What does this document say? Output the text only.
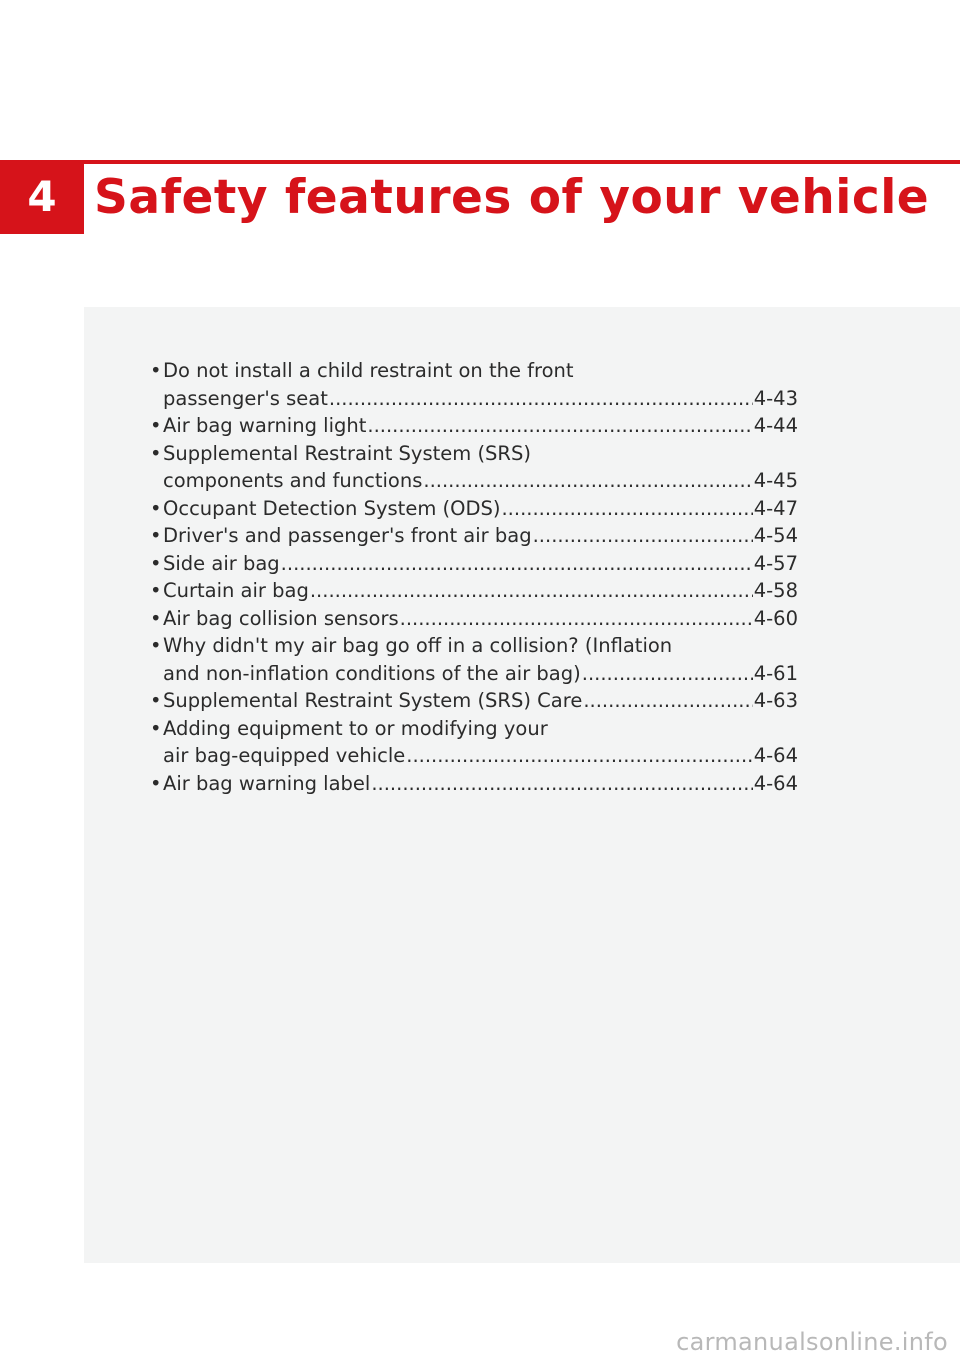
4 Safety features of your vehicle
• Do not install a child restraint on the front
passenger's seat .....	4-43
• Air bag warning light .....	4-44
• Supplemental Restraint System (SRS)
components and functions .....	4-45
• Occupant Detection System (ODS) .....	4-47
• Driver's and passenger's front air bag .....	4-54
• Side air bag .....	4-57
• Curtain air bag .....	4-58
• Air bag collision sensors .....	4-60
• Why didn't my air bag go off in a collision? (Inflation
and non-inflation conditions of the air bag) .....	4-61
• Supplemental Restraint System (SRS) Care .....	4-63
• Adding equipment to or modifying your
air bag-equipped vehicle .....	4-64
• Air bag warning label .....	4-64
carmanualsonline.info
